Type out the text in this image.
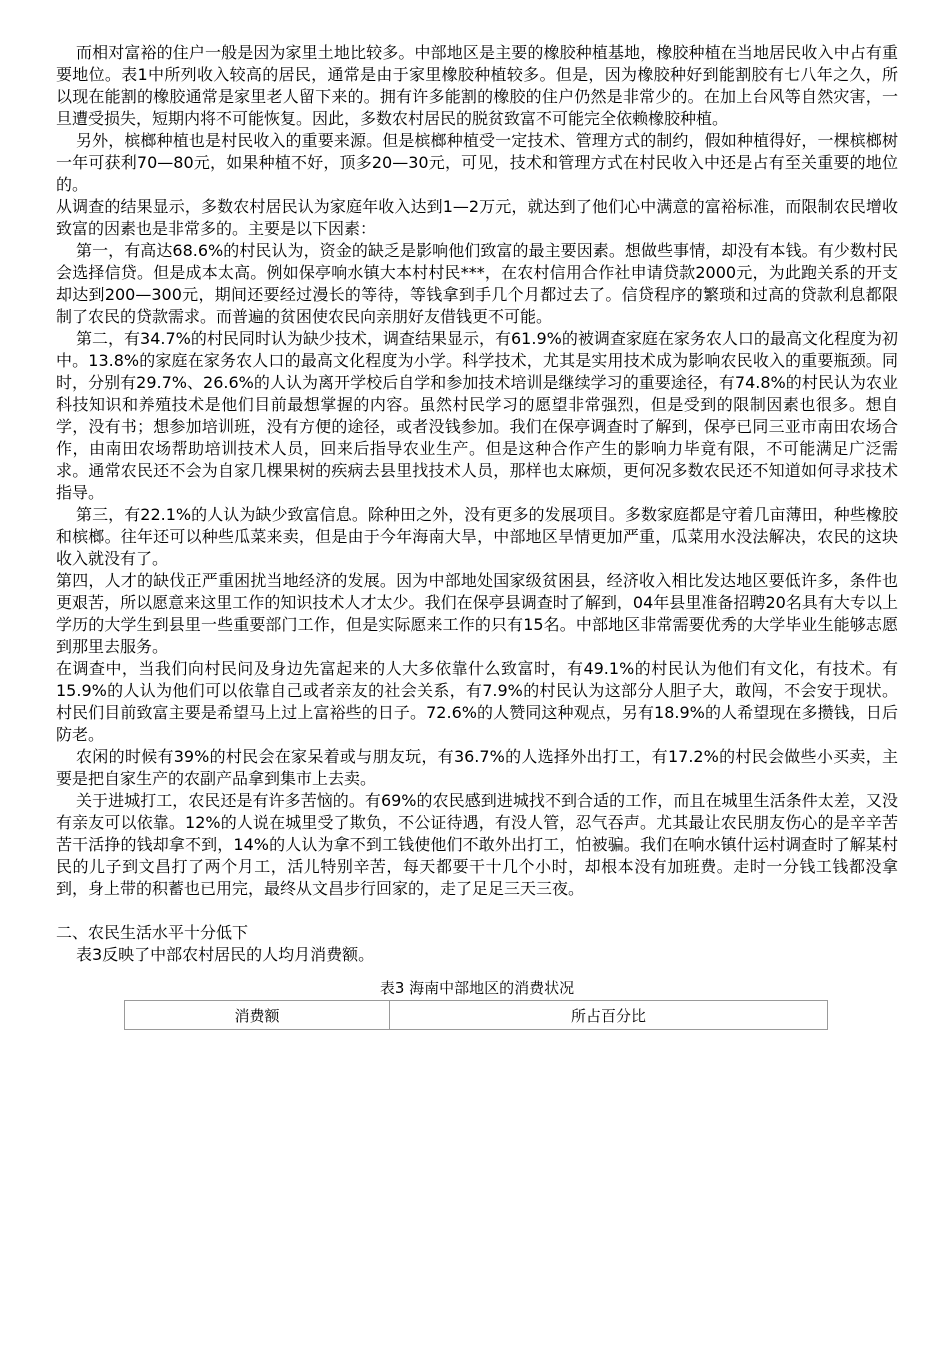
而相对富裕的住户一般是因为家里土地比较多。中部地区是主要的橡胶种植基地，橡胶种植在当地居民收入中占有重要地位。表1中所列收入较高的居民，通常是由于家里橡胶种植较多。但是，因为橡胶种好到能割胶有七八年之久，所以现在能割的橡胶通常是家里老人留下来的。拥有许多能割的橡胶的住户仍然是非常少的。在加上台风等自然灾害，一旦遭受损失，短期内将不可能恢复。因此，多数农村居民的脱贫致富不可能完全依赖橡胶种植。

另外，槟榔种植也是村民收入的重要来源。但是槟榔种植受一定技术、管理方式的制约，假如种植得好，一棵槟榔树一年可获利70—80元，如果种植不好，顶多20—30元，可见，技术和管理方式在村民收入中还是占有至关重要的地位的。

从调查的结果显示，多数农村居民认为家庭年收入达到1—2万元，就达到了他们心中满意的富裕标准，而限制农民增收致富的因素也是非常多的。主要是以下因素：

第一，有高达68.6%的村民认为，资金的缺乏是影响他们致富的最主要因素。想做些事情，却没有本钱。有少数村民会选择信贷。但是成本太高。例如保亭响水镇大本村村民***，在农村信用合作社申请贷款2000元，为此跑关系的开支却达到200—300元，期间还要经过漫长的等待，等钱拿到手几个月都过去了。信贷程序的繁琐和过高的贷款利息都限制了农民的贷款需求。而普遍的贫困使农民向亲朋好友借钱更不可能。

第二，有34.7%的村民同时认为缺少技术，调查结果显示，有61.9%的被调查家庭在家务农人口的最高文化程度为初中。13.8%的家庭在家务农人口的最高文化程度为小学。科学技术，尤其是实用技术成为影响农民收入的重要瓶颈。同时，分别有29.7%、26.6%的人认为离开学校后自学和参加技术培训是继续学习的重要途径，有74.8%的村民认为农业科技知识和养殖技术是他们目前最想掌握的内容。虽然村民学习的愿望非常强烈，但是受到的限制因素也很多。想自学，没有书；想参加培训班，没有方便的途径，或者没钱参加。我们在保亭调查时了解到，保亭已同三亚市南田农场合作，由南田农场帮助培训技术人员，回来后指导农业生产。但是这种合作产生的影响力毕竟有限，不可能满足广泛需求。通常农民还不会为自家几棵果树的疾病去县里找技术人员，那样也太麻烦，更何况多数农民还不知道如何寻求技术指导。

第三，有22.1%的人认为缺少致富信息。除种田之外，没有更多的发展项目。多数家庭都是守着几亩薄田，种些橡胶和槟榔。往年还可以种些瓜菜来卖，但是由于今年海南大旱，中部地区旱情更加严重，瓜菜用水没法解决，农民的这块收入就没有了。

第四，人才的缺伐正严重困扰当地经济的发展。因为中部地处国家级贫困县，经济收入相比发达地区要低许多，条件也更艰苦，所以愿意来这里工作的知识技术人才太少。我们在保亭县调查时了解到，04年县里准备招聘20名具有大专以上学历的大学生到县里一些重要部门工作，但是实际愿来工作的只有15名。中部地区非常需要优秀的大学毕业生能够志愿到那里去服务。

在调查中，当我们向村民问及身边先富起来的人大多依靠什么致富时，有49.1%的村民认为他们有文化，有技术。有15.9%的人认为他们可以依靠自己或者亲友的社会关系，有7.9%的村民认为这部分人胆子大，敢闯，不会安于现状。村民们目前致富主要是希望马上过上富裕些的日子。72.6%的人赞同这种观点，另有18.9%的人希望现在多攒钱，日后防老。

农闲的时候有39%的村民会在家呆着或与朋友玩，有36.7%的人选择外出打工，有17.2%的村民会做些小买卖，主要是把自家生产的农副产品拿到集市上去卖。

关于进城打工，农民还是有许多苦恼的。有69%的农民感到进城找不到合适的工作，而且在城里生活条件太差，又没有亲友可以依靠。12%的人说在城里受了欺负，不公证待遇，有没人管，忍气吞声。尤其最让农民朋友伤心的是辛辛苦苦干活挣的钱却拿不到，14%的人认为拿不到工钱使他们不敢外出打工，怕被骗。我们在响水镇什运村调查时了解某村民的儿子到文昌打了两个月工，活儿特别辛苦，每天都要干十几个小时，却根本没有加班费。走时一分钱工钱都没拿到，身上带的积蓄也已用完，最终从文昌步行回家的，走了足足三天三夜。

二、农民生活水平十分低下

表3反映了中部农村居民的人均月消费额。

表3 海南中部地区的消费状况

消费额	所占百分比
